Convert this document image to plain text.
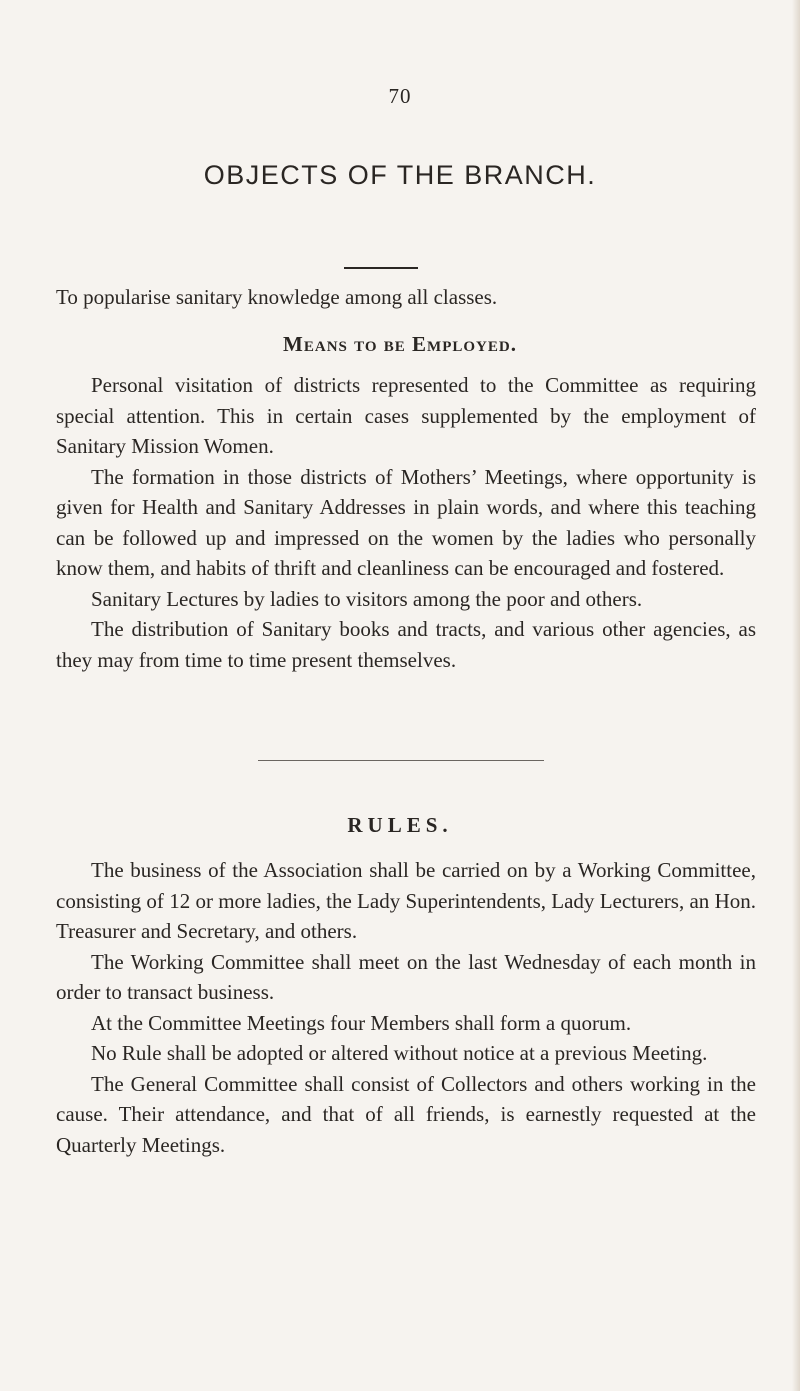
70
OBJECTS OF THE BRANCH.

To popularise sanitary knowledge among all classes.

Means to be Employed.

Personal visitation of districts represented to the Committee as requiring special attention. This in certain cases supplemented by the employment of Sanitary Mission Women.

The formation in those districts of Mothers’ Meetings, where opportunity is given for Health and Sanitary Addresses in plain words, and where this teaching can be followed up and impressed on the women by the ladies who personally know them, and habits of thrift and cleanliness can be encouraged and fostered.

Sanitary Lectures by ladies to visitors among the poor and others.

The distribution of Sanitary books and tracts, and various other agencies, as they may from time to time present themselves.

RULES.

The business of the Association shall be carried on by a Working Committee, consisting of 12 or more ladies, the Lady Superintendents, Lady Lecturers, an Hon. Treasurer and Secretary, and others.

The Working Committee shall meet on the last Wednesday of each month in order to transact business.

At the Committee Meetings four Members shall form a quorum.

No Rule shall be adopted or altered without notice at a previous Meeting.

The General Committee shall consist of Collectors and others working in the cause. Their attendance, and that of all friends, is earnestly requested at the Quarterly Meetings.
